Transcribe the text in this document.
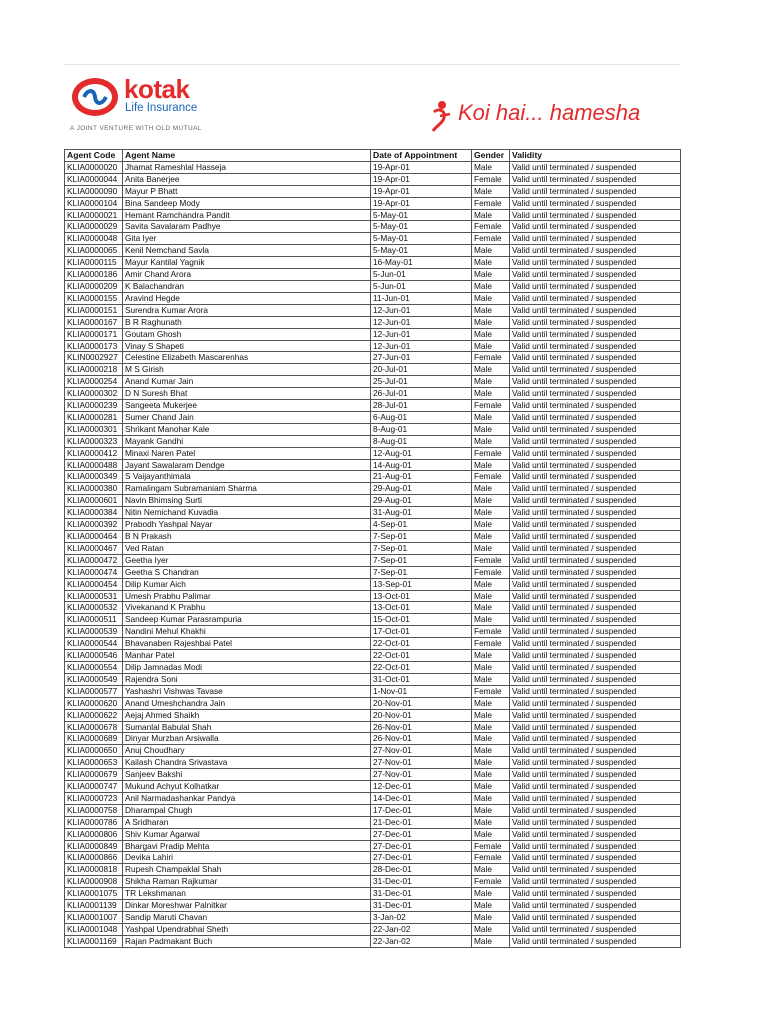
kotak
Life Insurance
A JOINT VENTURE WITH OLD MUTUAL
Koi hai... hamesha
Agent Code	Agent Name	Date of Appointment	Gender	Validity
KLIA0000020	Jhamat Rameshlal Hasseja	19-Apr-01	Male	Valid until terminated / suspended
KLIA0000044	Anita Banerjee	19-Apr-01	Female	Valid until terminated / suspended
KLIA0000090	Mayur P Bhatt	19-Apr-01	Male	Valid until terminated / suspended
KLIA0000104	Bina Sandeep Mody	19-Apr-01	Female	Valid until terminated / suspended
KLIA0000021	Hemant Ramchandra Pandit	5-May-01	Male	Valid until terminated / suspended
KLIA0000029	Savita Savalaram Padhye	5-May-01	Female	Valid until terminated / suspended
KLIA0000048	Gita Iyer	5-May-01	Female	Valid until terminated / suspended
KLIA0000065	Kenil Nemchand Savla	5-May-01	Male	Valid until terminated / suspended
KLIA0000115	Mayur Kantilal Yagnik	16-May-01	Male	Valid until terminated / suspended
KLIA0000186	Amir Chand Arora	5-Jun-01	Male	Valid until terminated / suspended
KLIA0000209	K Balachandran	5-Jun-01	Male	Valid until terminated / suspended
KLIA0000155	Aravind Hegde	11-Jun-01	Male	Valid until terminated / suspended
KLIA0000151	Surendra Kumar Arora	12-Jun-01	Male	Valid until terminated / suspended
KLIA0000167	B R Raghunath	12-Jun-01	Male	Valid until terminated / suspended
KLIA0000171	Goutam Ghosh	12-Jun-01	Male	Valid until terminated / suspended
KLIA0000173	Vinay S Shapeti	12-Jun-01	Male	Valid until terminated / suspended
KLIN0002927	Celestine Elizabeth Mascarenhas	27-Jun-01	Female	Valid until terminated / suspended
KLIA0000218	M S Girish	20-Jul-01	Male	Valid until terminated / suspended
KLIA0000254	Anand Kumar Jain	25-Jul-01	Male	Valid until terminated / suspended
KLIA0000302	D N Suresh Bhat	26-Jul-01	Male	Valid until terminated / suspended
KLIA0000239	Sangeeta Mukerjee	28-Jul-01	Female	Valid until terminated / suspended
KLIA0000281	Sumer Chand Jain	6-Aug-01	Male	Valid until terminated / suspended
KLIA0000301	Shrikant Manohar Kale	8-Aug-01	Male	Valid until terminated / suspended
KLIA0000323	Mayank Gandhi	8-Aug-01	Male	Valid until terminated / suspended
KLIA0000412	Minaxi Naren Patel	12-Aug-01	Female	Valid until terminated / suspended
KLIA0000488	Jayant Sawalaram Dendge	14-Aug-01	Male	Valid until terminated / suspended
KLIA0000349	S Vaijayanthimala	21-Aug-01	Female	Valid until terminated / suspended
KLIA0000380	Ramalingam Subramaniam Sharma	29-Aug-01	Male	Valid until terminated / suspended
KLIA0000601	Navin Bhimsing Surti	29-Aug-01	Male	Valid until terminated / suspended
KLIA0000384	Nitin Nemichand Kuvadia	31-Aug-01	Male	Valid until terminated / suspended
KLIA0000392	Prabodh Yashpal Nayar	4-Sep-01	Male	Valid until terminated / suspended
KLIA0000464	B N Prakash	7-Sep-01	Male	Valid until terminated / suspended
KLIA0000467	Ved Ratan	7-Sep-01	Male	Valid until terminated / suspended
KLIA0000472	Geetha Iyer	7-Sep-01	Female	Valid until terminated / suspended
KLIA0000474	Geetha S Chandran	7-Sep-01	Female	Valid until terminated / suspended
KLIA0000454	Dilip Kumar Aich	13-Sep-01	Male	Valid until terminated / suspended
KLIA0000531	Umesh Prabhu Palimar	13-Oct-01	Male	Valid until terminated / suspended
KLIA0000532	Vivekanand K Prabhu	13-Oct-01	Male	Valid until terminated / suspended
KLIA0000511	Sandeep Kumar Parasrampuria	15-Oct-01	Male	Valid until terminated / suspended
KLIA0000539	Nandini Mehul Khakhi	17-Oct-01	Female	Valid until terminated / suspended
KLIA0000544	Bhavanaben Rajeshbai Patel	22-Oct-01	Female	Valid until terminated / suspended
KLIA0000546	Manhar Patel	22-Oct-01	Male	Valid until terminated / suspended
KLIA0000554	Dilip Jamnadas Modi	22-Oct-01	Male	Valid until terminated / suspended
KLIA0000549	Rajendra Soni	31-Oct-01	Male	Valid until terminated / suspended
KLIA0000577	Yashashri Vishwas Tavase	1-Nov-01	Female	Valid until terminated / suspended
KLIA0000620	Anand Umeshchandra Jain	20-Nov-01	Male	Valid until terminated / suspended
KLIA0000622	Aejaj Ahmed Shaikh	20-Nov-01	Male	Valid until terminated / suspended
KLIA0000678	Sumanlal Babulal Shah	26-Nov-01	Male	Valid until terminated / suspended
KLIA0000689	Dinyar Murzban Arsiwalla	26-Nov-01	Male	Valid until terminated / suspended
KLIA0000650	Anuj Choudhary	27-Nov-01	Male	Valid until terminated / suspended
KLIA0000653	Kailash Chandra Srivastava	27-Nov-01	Male	Valid until terminated / suspended
KLIA0000679	Sanjeev Bakshi	27-Nov-01	Male	Valid until terminated / suspended
KLIA0000747	Mukund Achyut Kolhatkar	12-Dec-01	Male	Valid until terminated / suspended
KLIA0000723	Anil Narmadashankar Pandya	14-Dec-01	Male	Valid until terminated / suspended
KLIA0000758	Dharampal Chugh	17-Dec-01	Male	Valid until terminated / suspended
KLIA0000786	A Sridharan	21-Dec-01	Male	Valid until terminated / suspended
KLIA0000806	Shiv Kumar Agarwal	27-Dec-01	Male	Valid until terminated / suspended
KLIA0000849	Bhargavi Pradip Mehta	27-Dec-01	Female	Valid until terminated / suspended
KLIA0000866	Devika Lahiri	27-Dec-01	Female	Valid until terminated / suspended
KLIA0000818	Rupesh Champaklal Shah	28-Dec-01	Male	Valid until terminated / suspended
KLIA0000908	Shikha Raman Rajkumar	31-Dec-01	Female	Valid until terminated / suspended
KLIA0001075	TR Lekshmanan	31-Dec-01	Male	Valid until terminated / suspended
KLIA0001139	Dinkar Moreshwar Palnitkar	31-Dec-01	Male	Valid until terminated / suspended
KLIA0001007	Sandip Maruti Chavan	3-Jan-02	Male	Valid until terminated / suspended
KLIA0001048	Yashpal Upendrabhai Sheth	22-Jan-02	Male	Valid until terminated / suspended
KLIA0001169	Rajan Padmakant Buch	22-Jan-02	Male	Valid until terminated / suspended
